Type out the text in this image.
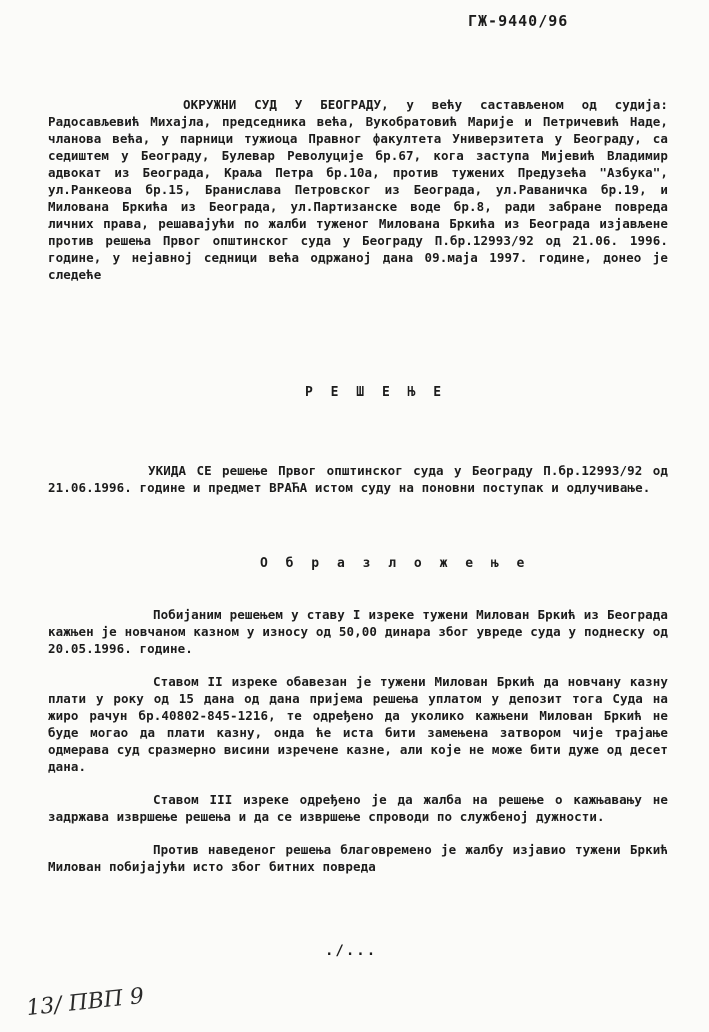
ГЖ-9440/96
ОКРУЖНИ СУД У БЕОГРАДУ, у већу састављеном од судија: Радосављевић Михајла, председника већа, Вукобратовић Марије и Петричевић Наде, чланова већа, у парници тужиоца Правног факултета Универзитета у Београду, са седиштем у Београду, Булевар Револуције бр.67, кога заступа Мијевић Владимир адвокат из Београда, Краља Петра бр.10а, против тужених Предузећа "Азбука", ул.Ранкеова бр.15, Бранислава Петровског из Београда, ул.Раваничка бр.19, и Милована Бркића из Београда, ул.Партизанске воде бр.8, ради забране повреда личних права, решавајући по жалби туженог Милована Бркића из Београда изјављене против решења Првог општинског суда у Београду П.бр.12993/92 од 21.06. 1996. године, у нејавној седници већа одржаној дана 09.маја 1997. године, донео је следеће
Р Е Ш Е Њ Е
УКИДА СЕ решење Првог општинског суда у Београду П.бр.12993/92 од 21.06.1996. године и предмет ВРАЋА истом суду на поновни поступак и одлучивање.
О б р а з л о ж е њ е

Побијаним решењем у ставу I изреке тужени Милован Бркић из Београда кажњен је новчаном казном у износу од 50,00 динара због увреде суда у поднеску од 20.05.1996. године.

Ставом II изреке обавезан је тужени Милован Бркић да новчану казну плати у року од 15 дана од дана пријема решења уплатом у депозит тога Суда на жиро рачун бр.40802-845-1216, те одређено да уколико кажњени Милован Бркић не буде могао да плати казну, онда ће иста бити замењена затвором чије трајање одмерава суд сразмерно висини изречене казне, али које не може бити дуже од десет дана.

Ставом III изреке одређено је да жалба на решење о кажњавању не задржава извршење решења и да се извршење спроводи по службеној дужности.

Против наведеног решења благовремено је жалбу изјавио тужени Бркић Милован побијајући исто због битних повреда

./...
13/ ПВП 9
